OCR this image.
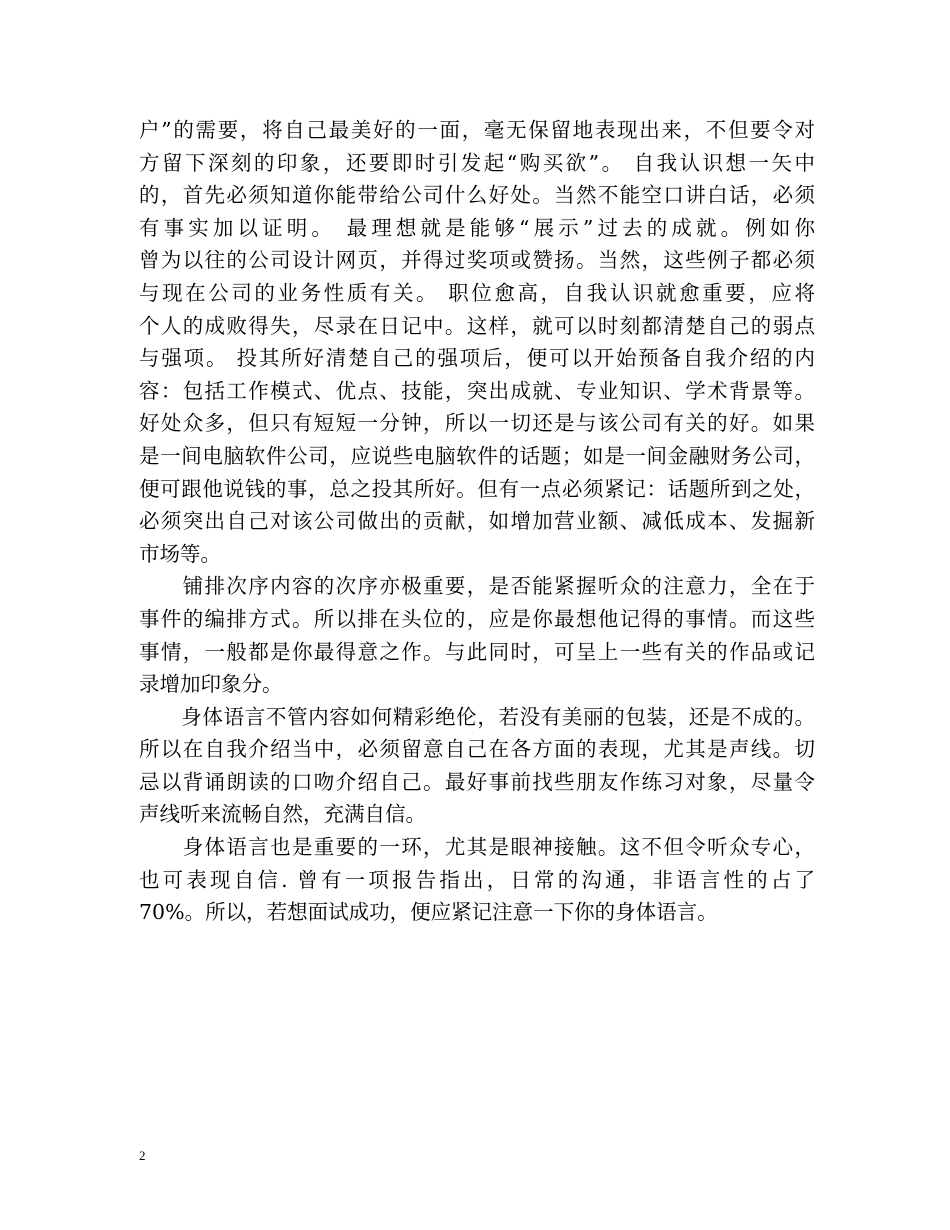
户”的需要，将自己最美好的一面，毫无保留地表现出来，不但要令对
方留下深刻的印象，还要即时引发起“购买欲”。 自我认识想一矢中
的，首先必须知道你能带给公司什么好处。当然不能空口讲白话，必须
有事实加以证明。 最理想就是能够“展示”过去的成就。例如你
曾为以往的公司设计网页，并得过奖项或赞扬。当然，这些例子都必须
与现在公司的业务性质有关。 职位愈高，自我认识就愈重要，应将
个人的成败得失，尽录在日记中。这样，就可以时刻都清楚自己的弱点
与强项。 投其所好清楚自己的强项后，便可以开始预备自我介绍的内
容：包括工作模式、优点、技能，突出成就、专业知识、学术背景等。
好处众多，但只有短短一分钟，所以一切还是与该公司有关的好。如果
是一间电脑软件公司，应说些电脑软件的话题；如是一间金融财务公司，
便可跟他说钱的事，总之投其所好。但有一点必须紧记：话题所到之处，
必须突出自己对该公司做出的贡献，如增加营业额、减低成本、发掘新
市场等。
　　铺排次序内容的次序亦极重要，是否能紧握听众的注意力，全在于
事件的编排方式。所以排在头位的，应是你最想他记得的事情。而这些
事情，一般都是你最得意之作。与此同时，可呈上一些有关的作品或记
录增加印象分。
　　身体语言不管内容如何精彩绝伦，若没有美丽的包装，还是不成的。
所以在自我介绍当中，必须留意自己在各方面的表现，尤其是声线。切
忌以背诵朗读的口吻介绍自己。最好事前找些朋友作练习对象，尽量令
声线听来流畅自然，充满自信。
　　身体语言也是重要的一环，尤其是眼神接触。这不但令听众专心，
也可表现自信. 曾有一项报告指出，日常的沟通，非语言性的占了
70%。所以，若想面试成功，便应紧记注意一下你的身体语言。
2
